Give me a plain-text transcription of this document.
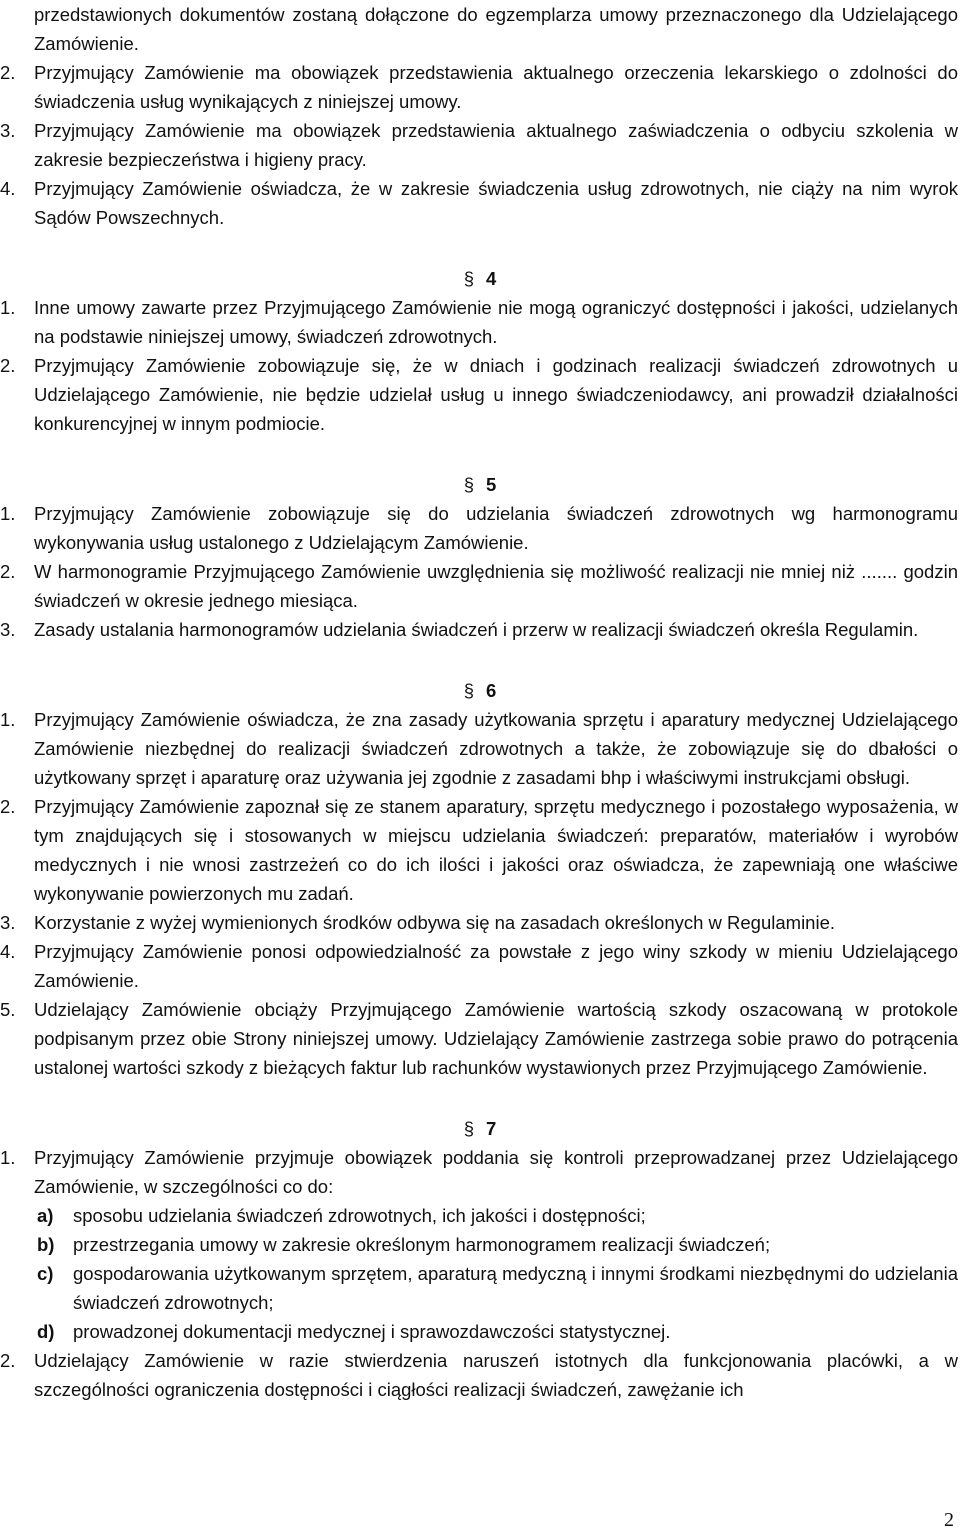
przedstawionych dokumentów zostaną dołączone do egzemplarza umowy przeznaczonego dla Udzielającego Zamówienie.
2. Przyjmujący Zamówienie ma obowiązek przedstawienia aktualnego orzeczenia lekarskiego o zdolności do świadczenia usług wynikających z niniejszej umowy.
3. Przyjmujący Zamówienie ma obowiązek przedstawienia aktualnego zaświadczenia o odbyciu szkolenia w zakresie bezpieczeństwa i higieny pracy.
4. Przyjmujący Zamówienie oświadcza, że w zakresie świadczenia usług zdrowotnych, nie ciąży na nim wyrok Sądów Powszechnych.
§ 4
1. Inne umowy zawarte przez Przyjmującego Zamówienie nie mogą ograniczyć dostępności i jakości, udzielanych na podstawie niniejszej umowy, świadczeń zdrowotnych.
2. Przyjmujący Zamówienie zobowiązuje się, że w dniach i godzinach realizacji świadczeń zdrowotnych u Udzielającego Zamówienie, nie będzie udzielał usług u innego świadczeniodawcy, ani prowadził działalności konkurencyjnej w innym podmiocie.
§ 5
1. Przyjmujący Zamówienie zobowiązuje się do udzielania świadczeń zdrowotnych wg harmonogramu wykonywania usług ustalonego z Udzielającym Zamówienie.
2. W harmonogramie Przyjmującego Zamówienie uwzględnienia się możliwość realizacji nie mniej niż ....... godzin świadczeń w okresie jednego miesiąca.
3. Zasady ustalania harmonogramów udzielania świadczeń i przerw w realizacji świadczeń określa Regulamin.
§ 6
1. Przyjmujący Zamówienie oświadcza, że zna zasady użytkowania sprzętu i aparatury medycznej Udzielającego Zamówienie niezbędnej do realizacji świadczeń zdrowotnych a także, że zobowiązuje się do dbałości o użytkowany sprzęt i aparaturę oraz używania jej zgodnie z zasadami bhp i właściwymi instrukcjami obsługi.
2. Przyjmujący Zamówienie zapoznał się ze stanem aparatury, sprzętu medycznego i pozostałego wyposażenia, w tym znajdujących się i stosowanych w miejscu udzielania świadczeń: preparatów, materiałów i wyrobów medycznych i nie wnosi zastrzeżeń co do ich ilości i jakości oraz oświadcza, że zapewniają one właściwe wykonywanie powierzonych mu zadań.
3. Korzystanie z wyżej wymienionych środków odbywa się na zasadach określonych w Regulaminie.
4. Przyjmujący Zamówienie ponosi odpowiedzialność za powstałe z jego winy szkody w mieniu Udzielającego Zamówienie.
5. Udzielający Zamówienie obciąży Przyjmującego Zamówienie wartością szkody oszacowaną w protokole podpisanym przez obie Strony niniejszej umowy. Udzielający Zamówienie zastrzega sobie prawo do potrącenia ustalonej wartości szkody z bieżących faktur lub rachunków wystawionych przez Przyjmującego Zamówienie.
§ 7
1. Przyjmujący Zamówienie przyjmuje obowiązek poddania się kontroli przeprowadzanej przez Udzielającego Zamówienie, w szczególności co do:
a) sposobu udzielania świadczeń zdrowotnych, ich jakości i dostępności;
b) przestrzegania umowy w zakresie określonym harmonogramem realizacji świadczeń;
c) gospodarowania użytkowanym sprzętem, aparaturą medyczną i innymi środkami niezbędnymi do udzielania świadczeń zdrowotnych;
d) prowadzonej dokumentacji medycznej i sprawozdawczości statystycznej.
2. Udzielający Zamówienie w razie stwierdzenia naruszeń istotnych dla funkcjonowania placówki, a w szczególności ograniczenia dostępności i ciągłości realizacji świadczeń, zawężanie ich
2
